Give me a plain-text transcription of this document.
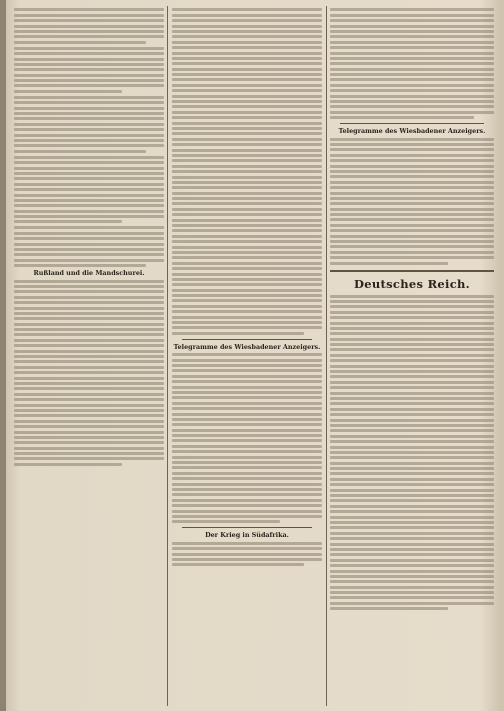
Rußland und die Mandschurei.
Telegramme des Wiesbadener Anzeigers.
Der Krieg in Südafrika.
Telegramme des Wiesbadener Anzeigers.
Deutsches Reich.
